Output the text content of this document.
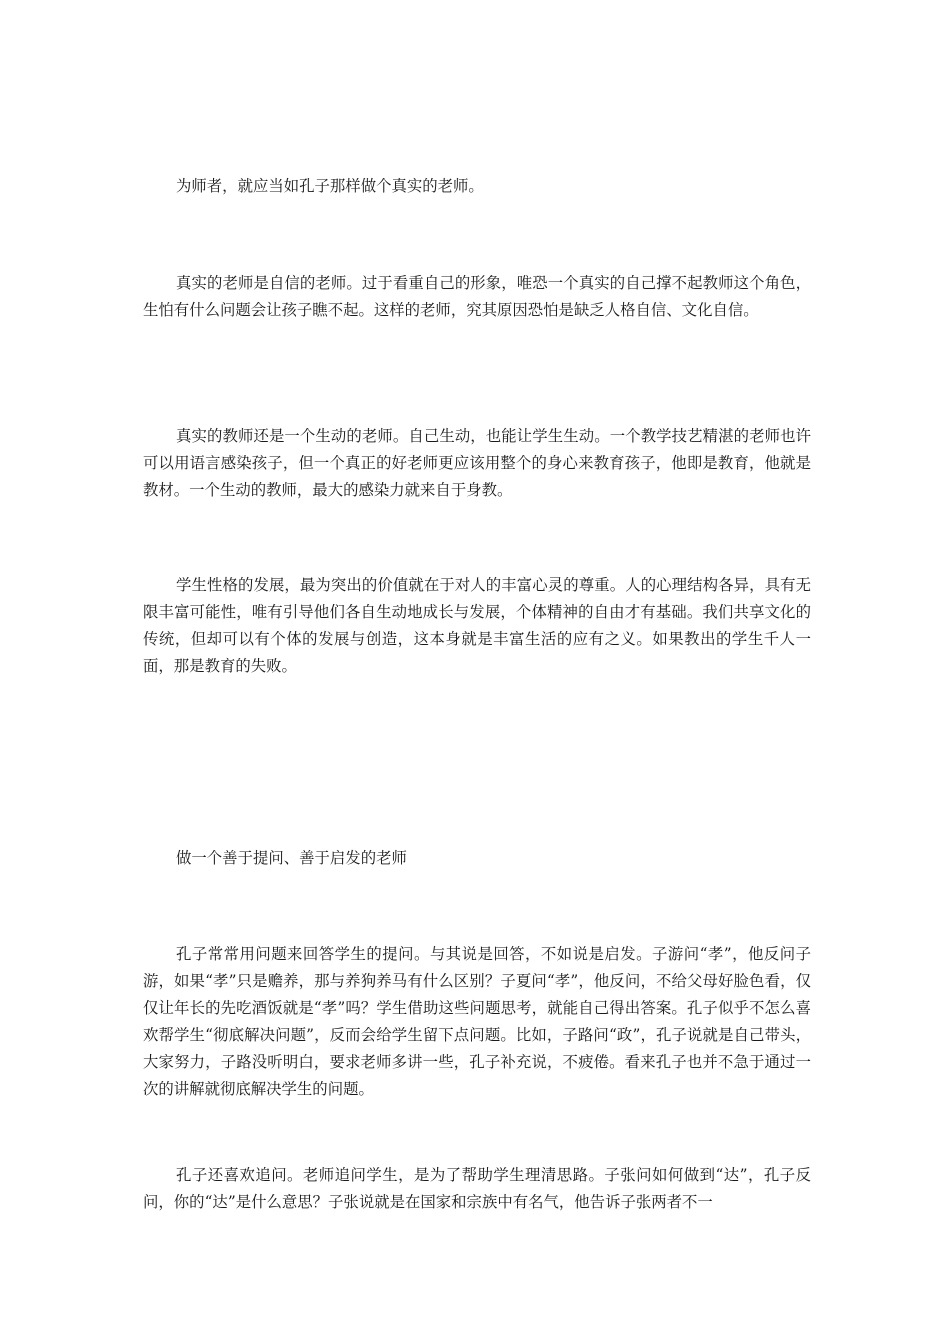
为师者，就应当如孔子那样做个真实的老师。

真实的老师是自信的老师。过于看重自己的形象，唯恐一个真实的自己撑不起教师这个角色，生怕有什么问题会让孩子瞧不起。这样的老师，究其原因恐怕是缺乏人格自信、文化自信。

真实的教师还是一个生动的老师。自己生动，也能让学生生动。一个教学技艺精湛的老师也许可以用语言感染孩子，但一个真正的好老师更应该用整个的身心来教育孩子，他即是教育，他就是教材。一个生动的教师，最大的感染力就来自于身教。

学生性格的发展，最为突出的价值就在于对人的丰富心灵的尊重。人的心理结构各异，具有无限丰富可能性，唯有引导他们各自生动地成长与发展，个体精神的自由才有基础。我们共享文化的传统，但却可以有个体的发展与创造，这本身就是丰富生活的应有之义。如果教出的学生千人一面，那是教育的失败。

做一个善于提问、善于启发的老师

孔子常常用问题来回答学生的提问。与其说是回答，不如说是启发。子游问“孝”，他反问子游，如果“孝”只是赡养，那与养狗养马有什么区别？子夏问“孝”，他反问，不给父母好脸色看，仅仅让年长的先吃酒饭就是“孝”吗？学生借助这些问题思考，就能自己得出答案。孔子似乎不怎么喜欢帮学生“彻底解决问题”，反而会给学生留下点问题。比如，子路问“政”，孔子说就是自己带头，大家努力，子路没听明白，要求老师多讲一些，孔子补充说，不疲倦。看来孔子也并不急于通过一次的讲解就彻底解决学生的问题。

孔子还喜欢追问。老师追问学生，是为了帮助学生理清思路。子张问如何做到“达”，孔子反问，你的“达”是什么意思？子张说就是在国家和宗族中有名气，他告诉子张两者不一
